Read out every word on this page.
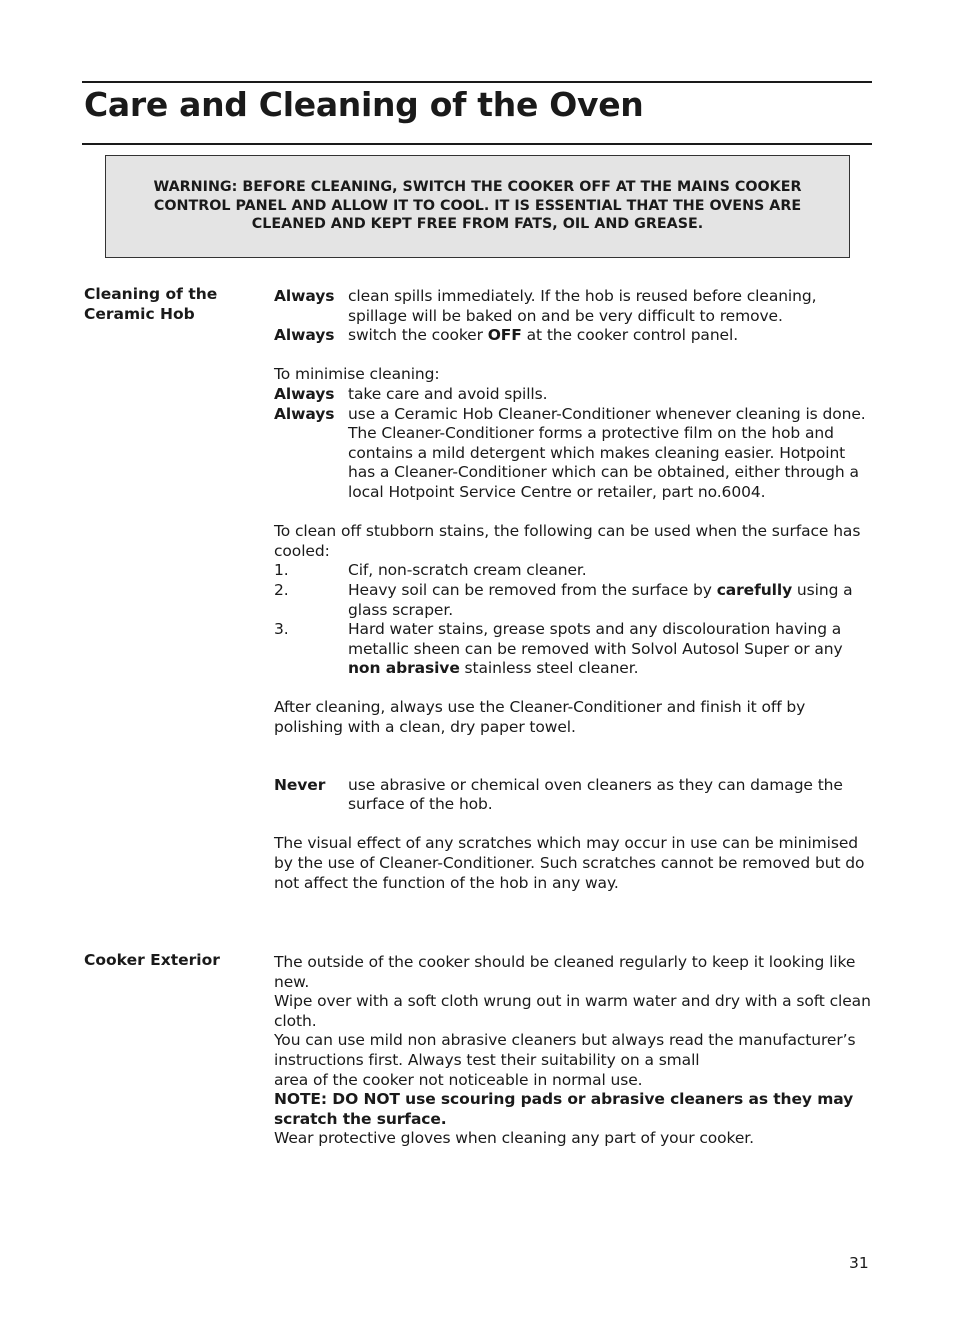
Care and Cleaning of the Oven
WARNING: BEFORE CLEANING, SWITCH THE COOKER OFF AT THE MAINS COOKER CONTROL PANEL AND ALLOW IT TO COOL. IT IS ESSENTIAL THAT THE OVENS ARE CLEANED AND KEPT FREE FROM FATS, OIL AND GREASE.
Cleaning of the Ceramic Hob
Always clean spills immediately. If the hob is reused before cleaning, spillage will be baked on and be very difficult to remove.
Always switch the cooker OFF at the cooker control panel.

To minimise cleaning:

Always take care and avoid spills.
Always use a Ceramic Hob Cleaner-Conditioner whenever cleaning is done. The Cleaner-Conditioner forms a protective film on the hob and contains a mild detergent which makes cleaning easier. Hotpoint has a Cleaner-Conditioner which can be obtained, either through a local Hotpoint Service Centre or retailer, part no.6004.

To clean off stubborn stains, the following can be used when the surface has cooled:

1.	Cif, non-scratch cream cleaner.
2.	Heavy soil can be removed from the surface by carefully using a glass scraper.
3.	Hard water stains, grease spots and any discolouration having a metallic sheen can be removed with Solvol Autosol Super or any non abrasive stainless steel cleaner.

After cleaning, always use the Cleaner-Conditioner and finish it off by polishing with a clean, dry paper towel.

Never	use abrasive or chemical oven cleaners as they can damage the surface of the hob.

The visual effect of any scratches which may occur in use can be minimised by the use of Cleaner-Conditioner. Such scratches cannot be removed but do not affect the function of the hob in any way.

Cooker Exterior	The outside of the cooker should be cleaned regularly to keep it looking like new.

Wipe over with a soft cloth wrung out in warm water and dry with a soft clean cloth.

You can use mild non abrasive cleaners but always read the manufacturer’s instructions first. Always test their suitability on a small

area of the cooker not noticeable in normal use.

NOTE: DO NOT use scouring pads or abrasive cleaners as they may scratch the surface.

Wear protective gloves when cleaning any part of your cooker.

31
